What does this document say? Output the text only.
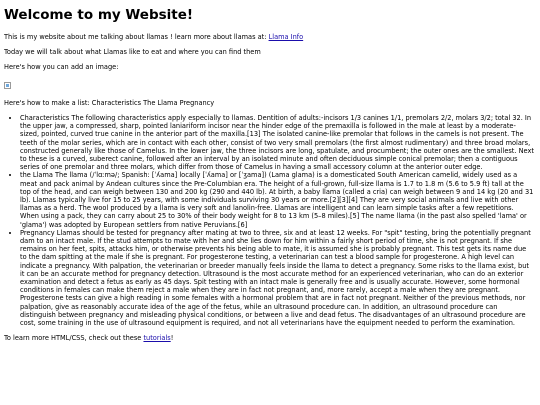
Welcome to my Website!

This is my website about me talking about llamas ! learn more about llamas at: Llama Info

Today we will talk about what Llamas like to eat and where you can find them

Here's how you can add an image:

Here's how to make a list: Characteristics The Llama Pregnancy

• Characteristics The following characteristics apply especially to llamas. Dentition of adults:-incisors 1/3 canines 1/1, premolars 2/2, molars 3/2; total 32. In the upper jaw, a compressed, sharp, pointed laniariform incisor near the hinder edge of the premaxilla is followed in the male at least by a moderate-sized, pointed, curved true canine in the anterior part of the maxilla.[13] The isolated canine-like premolar that follows in the camels is not present. The teeth of the molar series, which are in contact with each other, consist of two very small premolars (the first almost rudimentary) and three broad molars, constructed generally like those of Camelus. In the lower jaw, the three incisors are long, spatulate, and procumbent; the outer ones are the smallest. Next to these is a curved, suberect canine, followed after an interval by an isolated minute and often deciduous simple conical premolar; then a contiguous series of one premolar and three molars, which differ from those of Camelus in having a small accessory column at the anterior outer edge.
• the Llama The llama (/ˈlɑːmə/; Spanish: [ˈʎama] locally [ˈʎama] or [ˈʒama]) (Lama glama) is a domesticated South American camelid, widely used as a meat and pack animal by Andean cultures since the Pre-Columbian era. The height of a full-grown, full-size llama is 1.7 to 1.8 m (5.6 to 5.9 ft) tall at the top of the head, and can weigh between 130 and 200 kg (290 and 440 lb). At birth, a baby llama (called a cria) can weigh between 9 and 14 kg (20 and 31 lb). Llamas typically live for 15 to 25 years, with some individuals surviving 30 years or more.[2][3][4] They are very social animals and live with other llamas as a herd. The wool produced by a llama is very soft and lanolin-free. Llamas are intelligent and can learn simple tasks after a few repetitions. When using a pack, they can carry about 25 to 30% of their body weight for 8 to 13 km (5–8 miles).[5] The name llama (in the past also spelled 'lama' or 'glama') was adopted by European settlers from native Peruvians.[6]
• Pregnancy Llamas should be tested for pregnancy after mating at two to three, six and at least 12 weeks. For "spit" testing, bring the potentially pregnant dam to an intact male. If the stud attempts to mate with her and she lies down for him within a fairly short period of time, she is not pregnant. If she remains on her feet, spits, attacks him, or otherwise prevents his being able to mate, it is assumed she is probably pregnant. This test gets its name due to the dam spitting at the male if she is pregnant. For progesterone testing, a veterinarian can test a blood sample for progesterone. A high level can indicate a pregnancy. With palpation, the veterinarian or breeder manually feels inside the llama to detect a pregnancy. Some risks to the llama exist, but it can be an accurate method for pregnancy detection. Ultrasound is the most accurate method for an experienced veterinarian, who can do an exterior examination and detect a fetus as early as 45 days. Spit testing with an intact male is generally free and is usually accurate. However, some hormonal conditions in females can make them reject a male when they are in fact not pregnant, and, more rarely, accept a male when they are pregnant. Progesterone tests can give a high reading in some females with a hormonal problem that are in fact not pregnant. Neither of the previous methods, nor palpation, give as reasonably accurate idea of the age of the fetus, while an ultrasound procedure can. In addition, an ultrasound procedure can distinguish between pregnancy and misleading physical conditions, or between a live and dead fetus. The disadvantages of an ultrasound procedure are cost, some training in the use of ultrasound equipment is required, and not all veterinarians have the equipment needed to perform the examination.

To learn more HTML/CSS, check out these tutorials!
